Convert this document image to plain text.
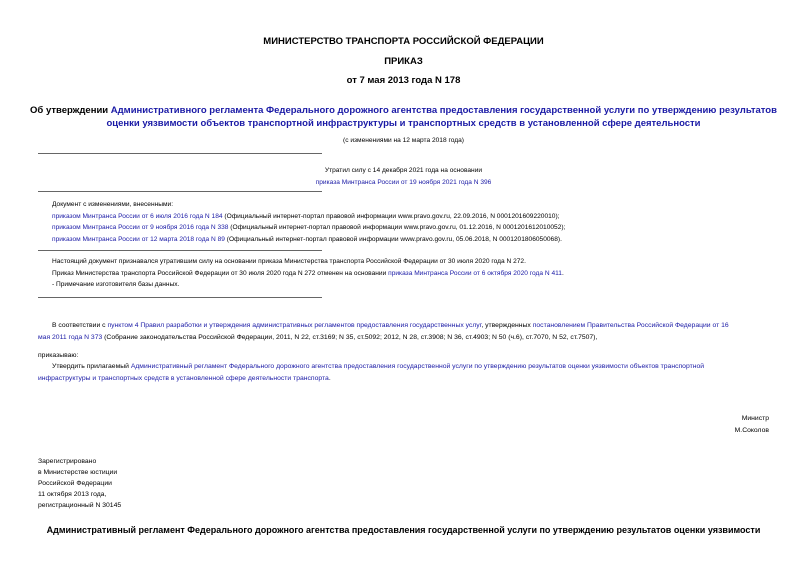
МИНИСТЕРСТВО ТРАНСПОРТА РОССИЙСКОЙ ФЕДЕРАЦИИ
ПРИКАЗ
от 7 мая 2013 года N 178
Об утверждении Административного регламента Федерального дорожного агентства предоставления государственной услуги по утверждению результатов
оценки уязвимости объектов транспортной инфраструктуры и транспортных средств в установленной сфере деятельности
(с изменениями на 12 марта 2018 года)
Утратил силу с 14 декабря 2021 года на основании
приказа Минтранса России от 19 ноября 2021 года N 396
Документ с изменениями, внесенными:
приказом Минтранса России от 6 июля 2016 года N 184 (Официальный интернет-портал правовой информации www.pravo.gov.ru, 22.09.2016, N 0001201609220010);
приказом Минтранса России от 9 ноября 2016 года N 338 (Официальный интернет-портал правовой информации www.pravo.gov.ru, 01.12.2016, N 0001201612010052);
приказом Минтранса России от 12 марта 2018 года N 89 (Официальный интернет-портал правовой информации www.pravo.gov.ru, 05.06.2018, N 0001201806050068).
Настоящий документ признавался утратившим силу на основании приказа Министерства транспорта Российской Федерации от 30 июля 2020 года N 272.
Приказ Министерства транспорта Российской Федерации от 30 июля 2020 года N 272 отменен на основании приказа Минтранса России от 6 октября 2020 года N 411.
- Примечание изготовителя базы данных.
В соответствии с пунктом 4 Правил разработки и утверждения административных регламентов предоставления государственных услуг, утвержденных постановлением Правительства Российской Федерации от 16
мая 2011 года N 373 (Собрание законодательства Российской Федерации, 2011, N 22, ст.3169; N 35, ст.5092; 2012, N 28, ст.3908; N 36, ст.4903; N 50 (ч.6), ст.7070, N 52, ст.7507),
приказываю:
Утвердить прилагаемый Административный регламент Федерального дорожного агентства предоставления государственной услуги по утверждению результатов оценки уязвимости объектов транспортной
инфраструктуры и транспортных средств в установленной сфере деятельности транспорта.
Министр
М.Соколов
Зарегистрировано
в Министерстве юстиции
Российской Федерации
11 октября 2013 года,
регистрационный N 30145
Административный регламент Федерального дорожного агентства предоставления государственной услуги по утверждению результатов оценки уязвимости
